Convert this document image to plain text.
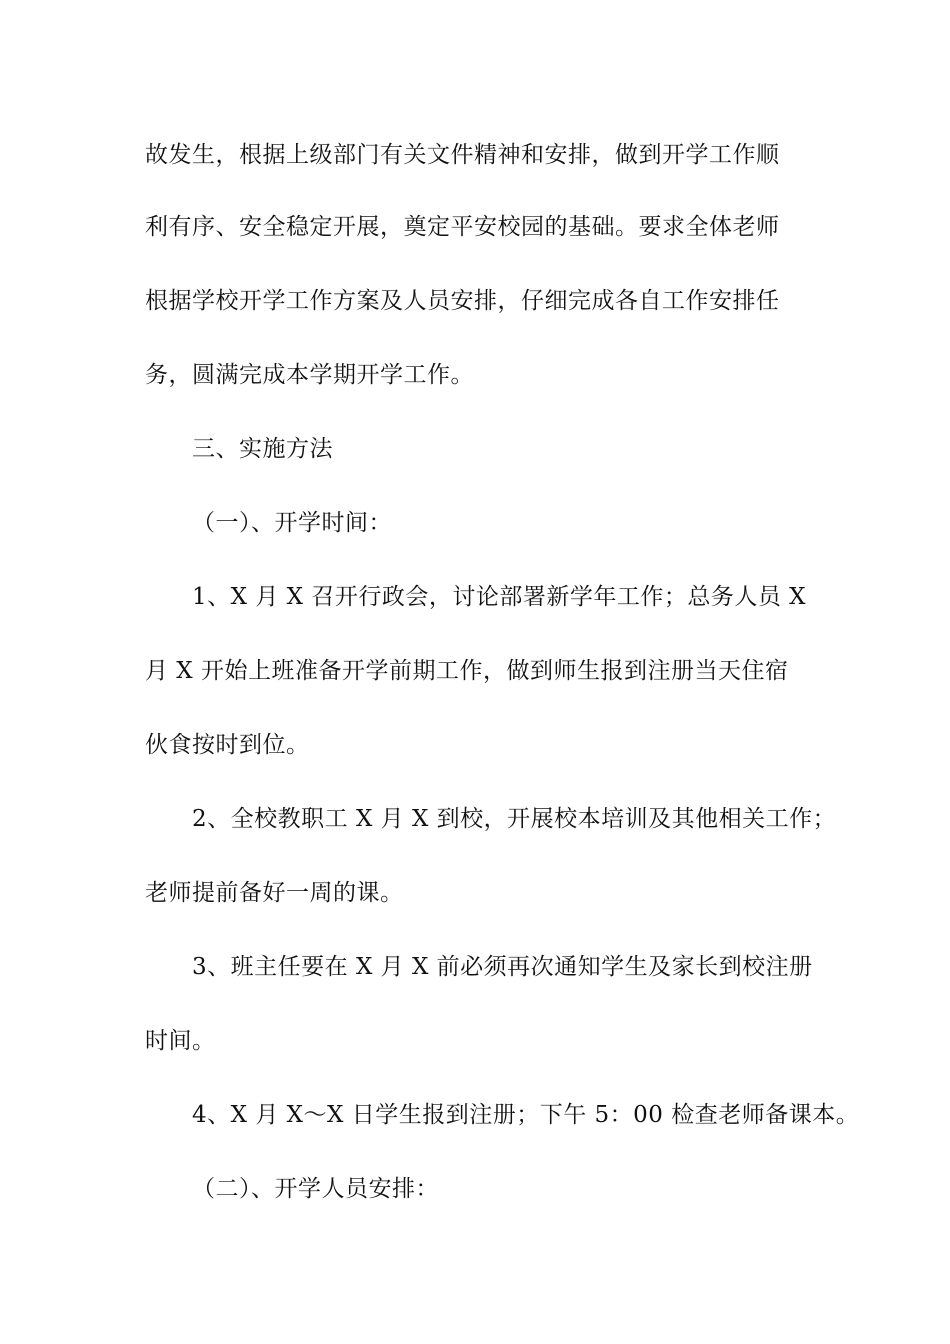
故发生，根据上级部门有关文件精神和安排，做到开学工作顺
利有序、安全稳定开展，奠定平安校园的基础。要求全体老师
根据学校开学工作方案及人员安排，仔细完成各自工作安排任
务，圆满完成本学期开学工作。
三、实施方法
（一）、开学时间：
1、X 月 X 召开行政会，讨论部署新学年工作；总务人员 X
月 X 开始上班准备开学前期工作，做到师生报到注册当天住宿
伙食按时到位。
2、全校教职工 X 月 X 到校，开展校本培训及其他相关工作；
老师提前备好一周的课。
3、班主任要在 X 月 X 前必须再次通知学生及家长到校注册
时间。
4、X 月 X～X 日学生报到注册；下午 5：00 检查老师备课本。
（二）、开学人员安排：
